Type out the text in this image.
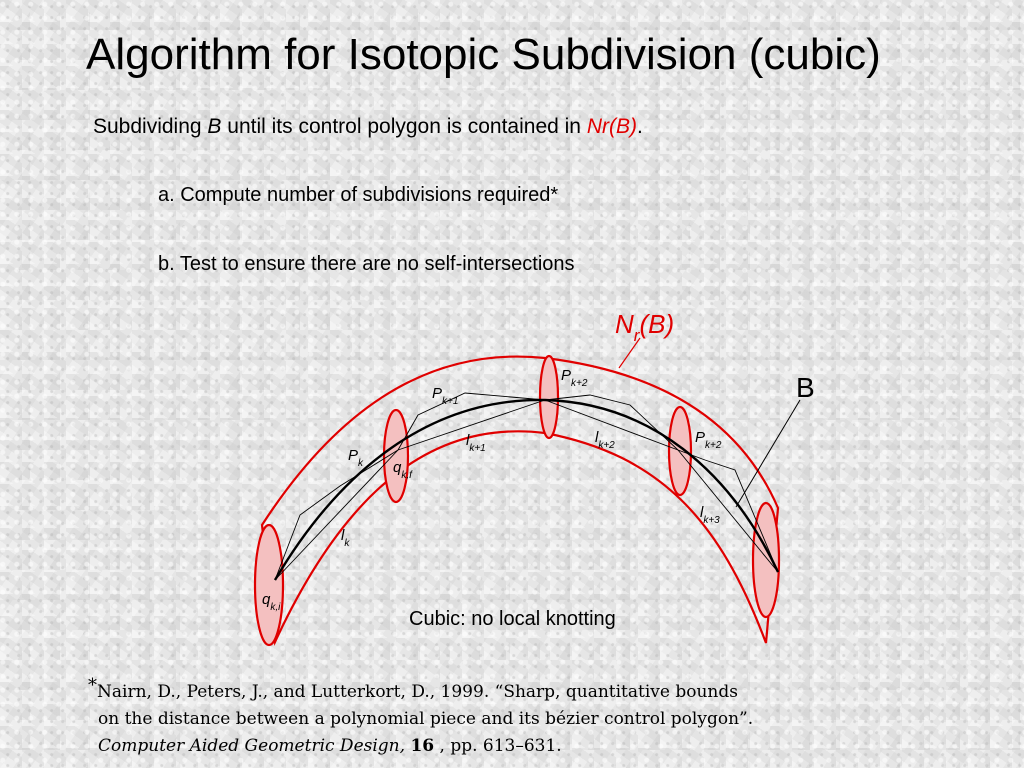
Algorithm for Isotopic Subdivision (cubic)
Subdividing B until its control polygon is contained in Nr(B).
a. Compute number of subdivisions required*
b. Test to ensure there are no self-intersections
$N_r(B)$
B
$P_k$
$P_{k+1}$
$P_{k+2}$
$P_{k+2}$
$l_k$
$l_{k+1}$
$l_{k+2}$
$l_{k+3}$
$q_{k,f}$
$q_{k,i}$
Cubic: no local knotting
*Nairn, D., Peters, J., and Lutterkort, D., 1999. “Sharp, quantitative bounds
on the distance between a polynomial piece and its bézier control polygon”.
Computer Aided Geometric Design, 16 , pp. 613–631.
